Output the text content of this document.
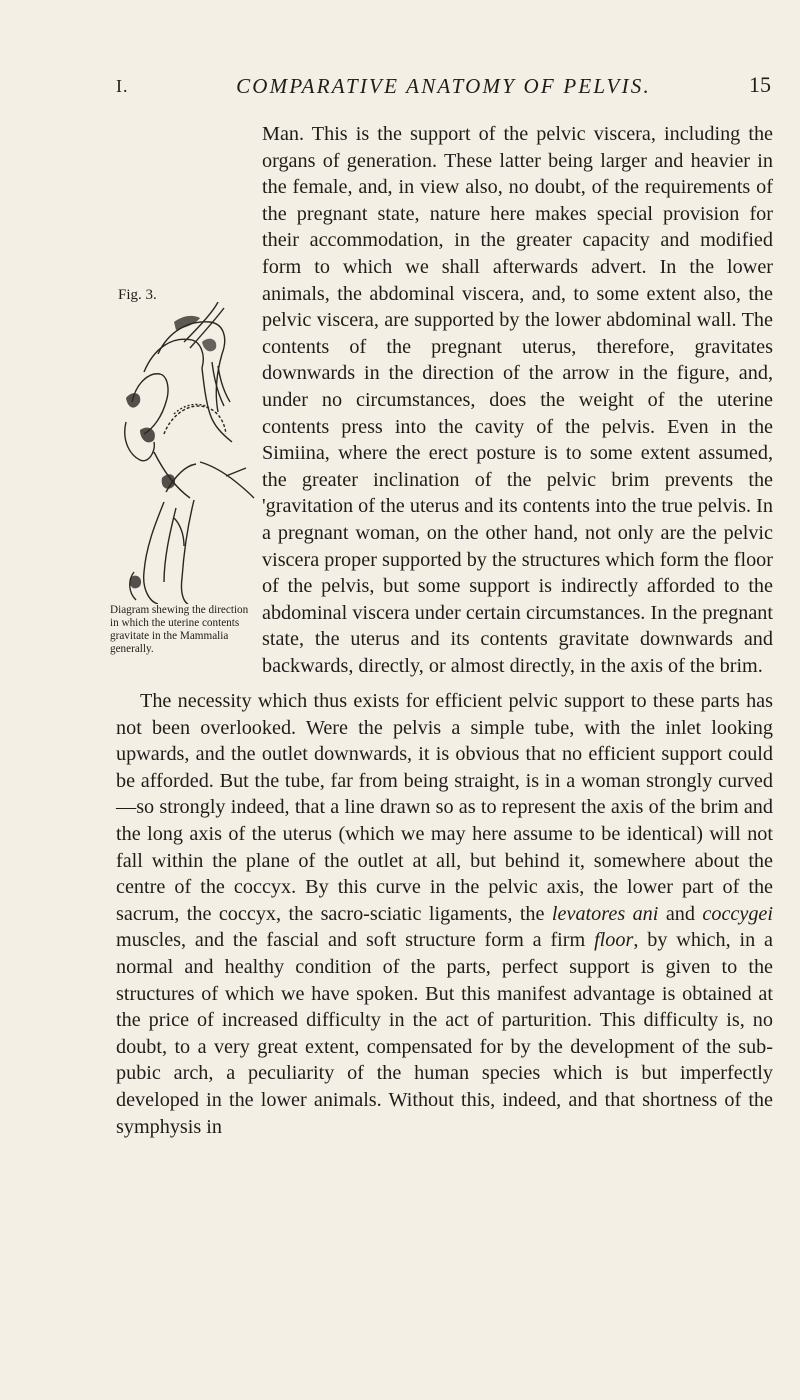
I.	COMPARATIVE ANATOMY OF PELVIS.	15
Fig. 3.
Diagram shewing the direction in which the uterine contents gravitate in the Mammalia generally.

Man. This is the support of the pelvic viscera, including the organs of generation. These latter being larger and heavier in the female, and, in view also, no doubt, of the requirements of the pregnant state, nature here makes special provision for their accommodation, in the greater capacity and modified form to which we shall afterwards advert. In the lower animals, the abdominal viscera, and, to some extent also, the pelvic viscera, are supported by the lower abdominal wall. The contents of the pregnant uterus, therefore, gravitates downwards in the direction of the arrow in the figure, and, under no circumstances, does the weight of the uterine contents press into the cavity of the pelvis. Even in the Simiina, where the erect posture is to some extent assumed, the greater inclination of the pelvic brim prevents the 'gravitation of the uterus and its contents into the true pelvis. In a pregnant woman, on the other hand, not only are the pelvic viscera proper supported by the structures which form the floor of the pelvis, but some support is indirectly afforded to the abdominal viscera under certain circumstances. In the pregnant state, the uterus and its contents gravitate downwards and backwards, directly, or almost directly, in the axis of the brim.

The necessity which thus exists for efficient pelvic support to these parts has not been overlooked. Were the pelvis a simple tube, with the inlet looking upwards, and the outlet downwards, it is obvious that no efficient support could be afforded. But the tube, far from being straight, is in a woman strongly curved—so strongly indeed, that a line drawn so as to represent the axis of the brim and the long axis of the uterus (which we may here assume to be identical) will not fall within the plane of the outlet at all, but behind it, somewhere about the centre of the coccyx. By this curve in the pelvic axis, the lower part of the sacrum, the coccyx, the sacro-sciatic ligaments, the levatores ani and coccygei muscles, and the fascial and soft structure form a firm floor, by which, in a normal and healthy condition of the parts, perfect support is given to the structures of which we have spoken. But this manifest advantage is obtained at the price of increased difficulty in the act of parturition. This difficulty is, no doubt, to a very great extent, compensated for by the development of the sub-pubic arch, a peculiarity of the human species which is but imperfectly developed in the lower animals. Without this, indeed, and that shortness of the symphysis in
